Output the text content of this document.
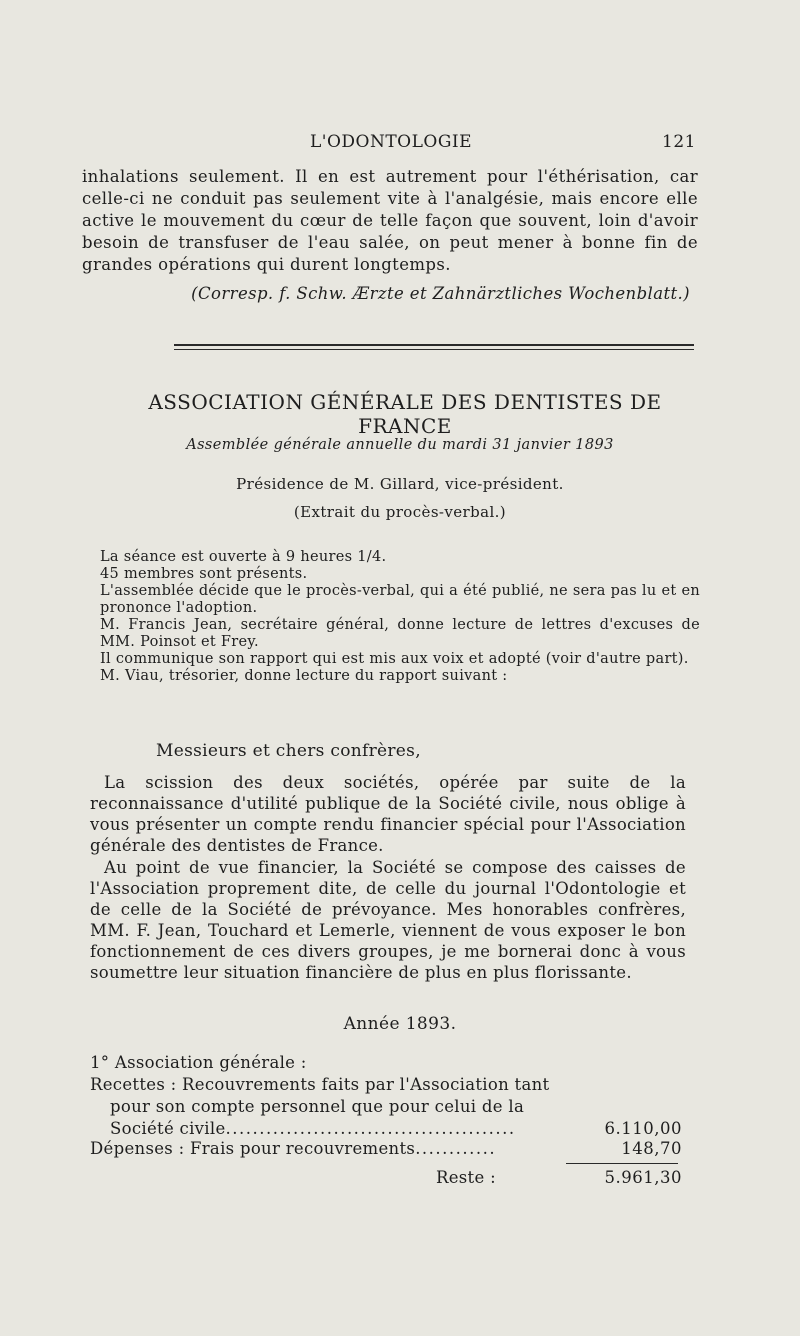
L'ODONTOLOGIE	121
inhalations seulement. Il en est autrement pour l'éthérisation, car celle-ci ne conduit pas seulement vite à l'analgésie, mais encore elle active le mouvement du cœur de telle façon que souvent, loin d'avoir besoin de transfuser de l'eau salée, on peut mener à bonne fin de grandes opérations qui durent longtemps.
(Corresp. f. Schw. Ærzte et Zahnärztliches Wochenblatt.)
ASSOCIATION GÉNÉRALE DES DENTISTES DE FRANCE
Assemblée générale annuelle du mardi 31 janvier 1893
Présidence de M. Gillard, vice-président.
(Extrait du procès-verbal.)
La séance est ouverte à 9 heures 1/4.
45 membres sont présents.
L'assemblée décide que le procès-verbal, qui a été publié, ne sera pas lu et en prononce l'adoption.
M. Francis Jean, secrétaire général, donne lecture de lettres d'excuses de MM. Poinsot et Frey.
Il communique son rapport qui est mis aux voix et adopté (voir d'autre part).
M. Viau, trésorier, donne lecture du rapport suivant :
Messieurs et chers confrères,
La scission des deux sociétés, opérée par suite de la reconnaissance d'utilité publique de la Société civile, nous oblige à vous présenter un compte rendu financier spécial pour l'Association générale des dentistes de France.
Au point de vue financier, la Société se compose des caisses de l'Association proprement dite, de celle du journal l'Odontologie et de celle de la Société de prévoyance. Mes honorables confrères, MM. F. Jean, Touchard et Lemerle, viennent de vous exposer le bon fonctionnement de ces divers groupes, je me bornerai donc à vous soumettre leur situation financière de plus en plus florissante.
Année 1893.
1° Association générale :
Recettes : Recouvrements faits par l'Association tant
pour son compte personnel que pour celui de la
Société civile...........................................	6.110,00
Dépenses : Frais pour recouvrements............	148,70
Reste :	5.961,30
